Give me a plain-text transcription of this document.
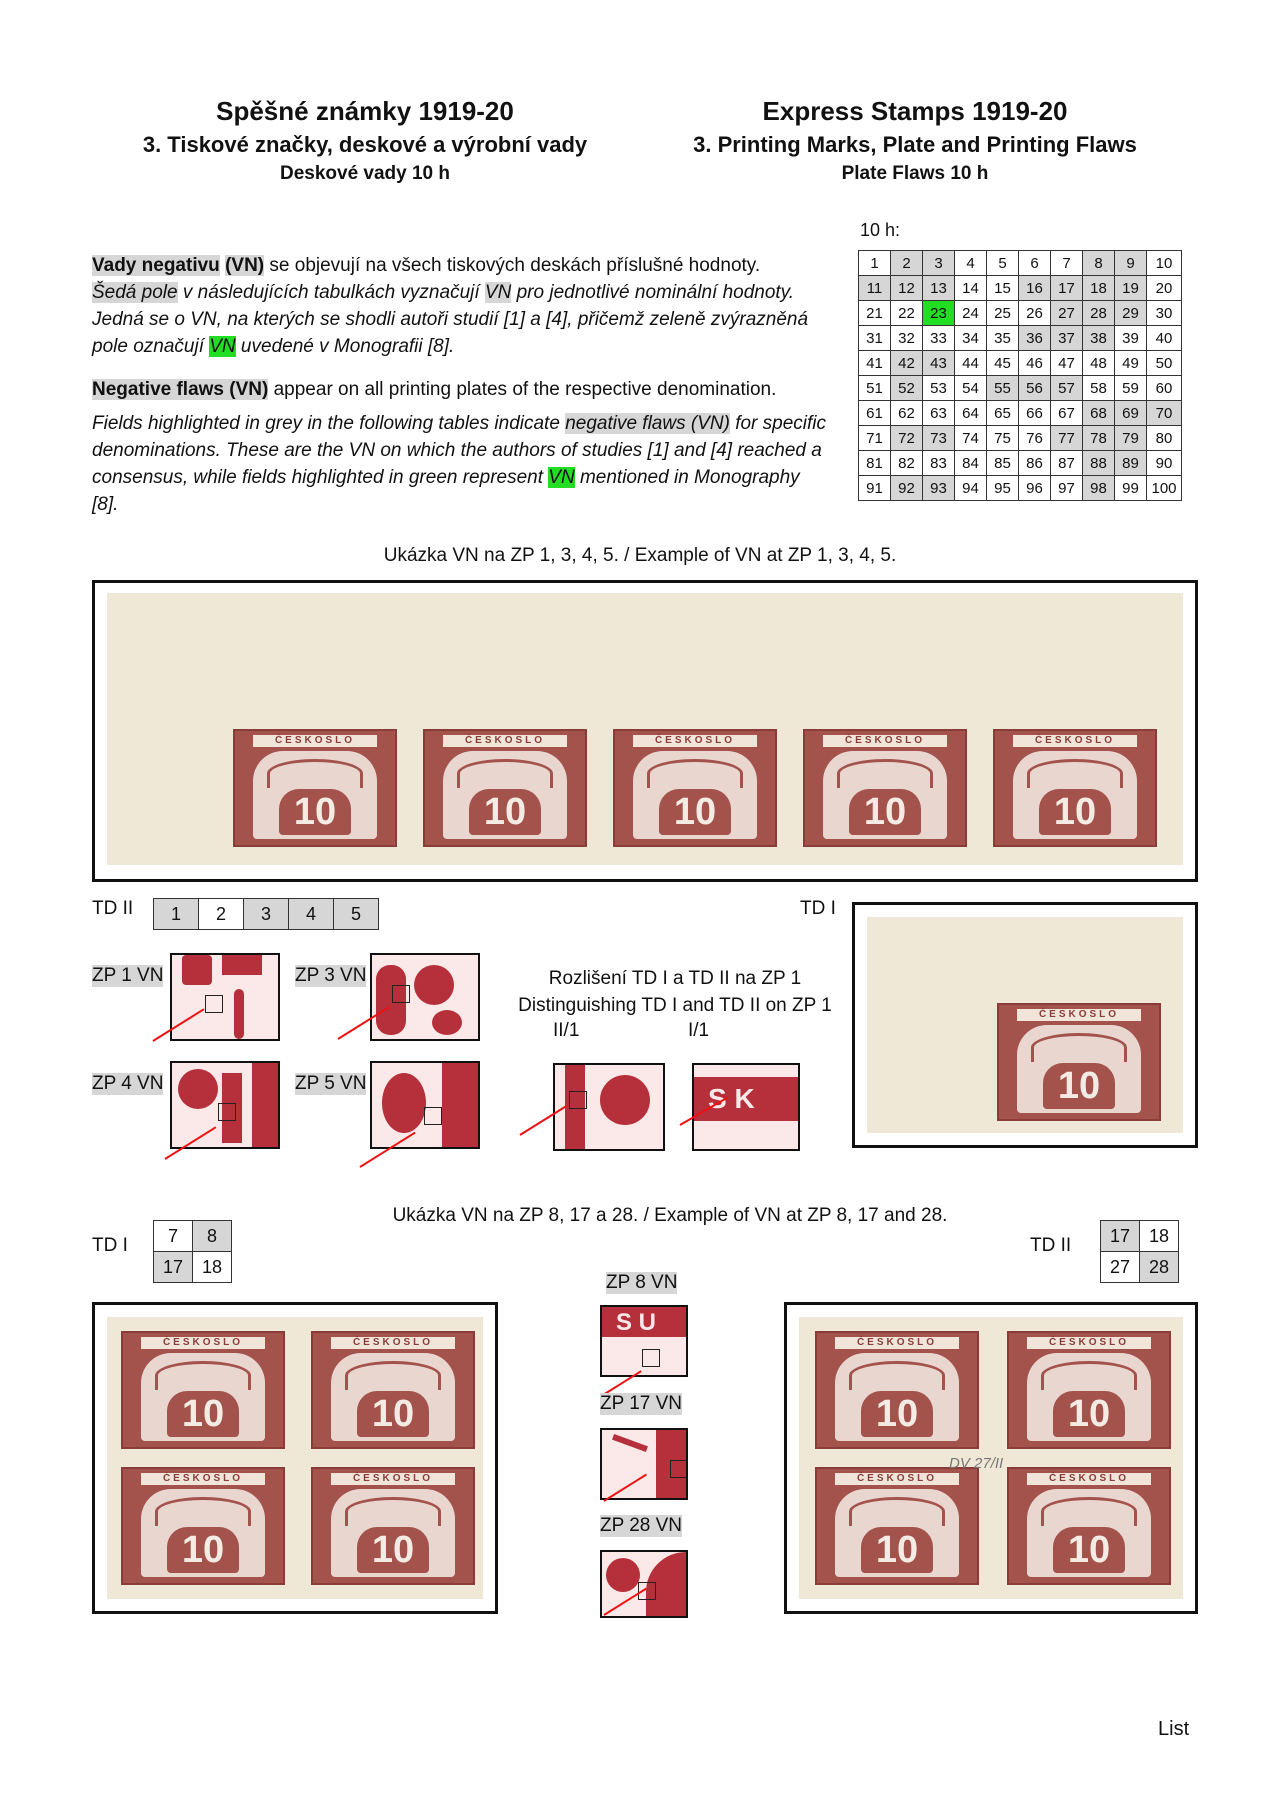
Spěšné známky 1919-20
3. Tiskové značky, deskové a výrobní vady
Deskové vady 10 h
Express Stamps 1919-20
3. Printing Marks, Plate and Printing Flaws
Plate Flaws 10 h
Vady negativu (VN) se objevují na všech tiskových deskách příslušné hodnoty.
Šedá pole v následujících tabulkách vyznačují VN pro jednotlivé nominální hodnoty. Jedná se o VN, na kterých se shodli autoři studií [1] a [4], přičemž zeleně zvýrazněná pole označují VN uvedené v Monografii [8].
Negative flaws (VN) appear on all printing plates of the respective denomination.
Fields highlighted in grey in the following tables indicate negative flaws (VN) for specific denominations. These are the VN on which the authors of studies [1] and [4] reached a consensus, while fields highlighted in green represent VN mentioned in Monography [8].
10 h:
1	2	3	4	5	6	7	8	9	10
11	12	13	14	15	16	17	18	19	20
21	22	23	24	25	26	27	28	29	30
31	32	33	34	35	36	37	38	39	40
41	42	43	44	45	46	47	48	49	50
51	52	53	54	55	56	57	58	59	60
61	62	63	64	65	66	67	68	69	70
71	72	73	74	75	76	77	78	79	80
81	82	83	84	85	86	87	88	89	90
91	92	93	94	95	96	97	98	99	100
Ukázka VN na ZP 1, 3, 4, 5. / Example of VN at ZP 1, 3, 4, 5.
ČESKOSLO
10
ČESKOSLO
10
ČESKOSLO
10
ČESKOSLO
10
ČESKOSLO
10
TD II 1	2	3	4	5	TD I
ZP 1 VN	ZP 3 VN
ZP 4 VN	ZP 5 VN
Rozlišení TD I a TD II na ZP 1
Distinguishing TD I and TD II on ZP 1
II/1	I/1
S K
ČESKOSLO
10
Ukázka VN na ZP 8, 17 a 28. / Example of VN at ZP 8, 17 and 28.
TD I 7	8
17	18
TD II 17	18
27	28
ČESKOSLO
10
ČESKOSLO
10
ČESKOSLO
10
ČESKOSLO
10
ZP 8 VN
S U
ZP 17 VN
ZP 28 VN
ČESKOSLO
10
ČESKOSLO
10
ČESKOSLO
10
ČESKOSLO
10
DV 27/II
List
